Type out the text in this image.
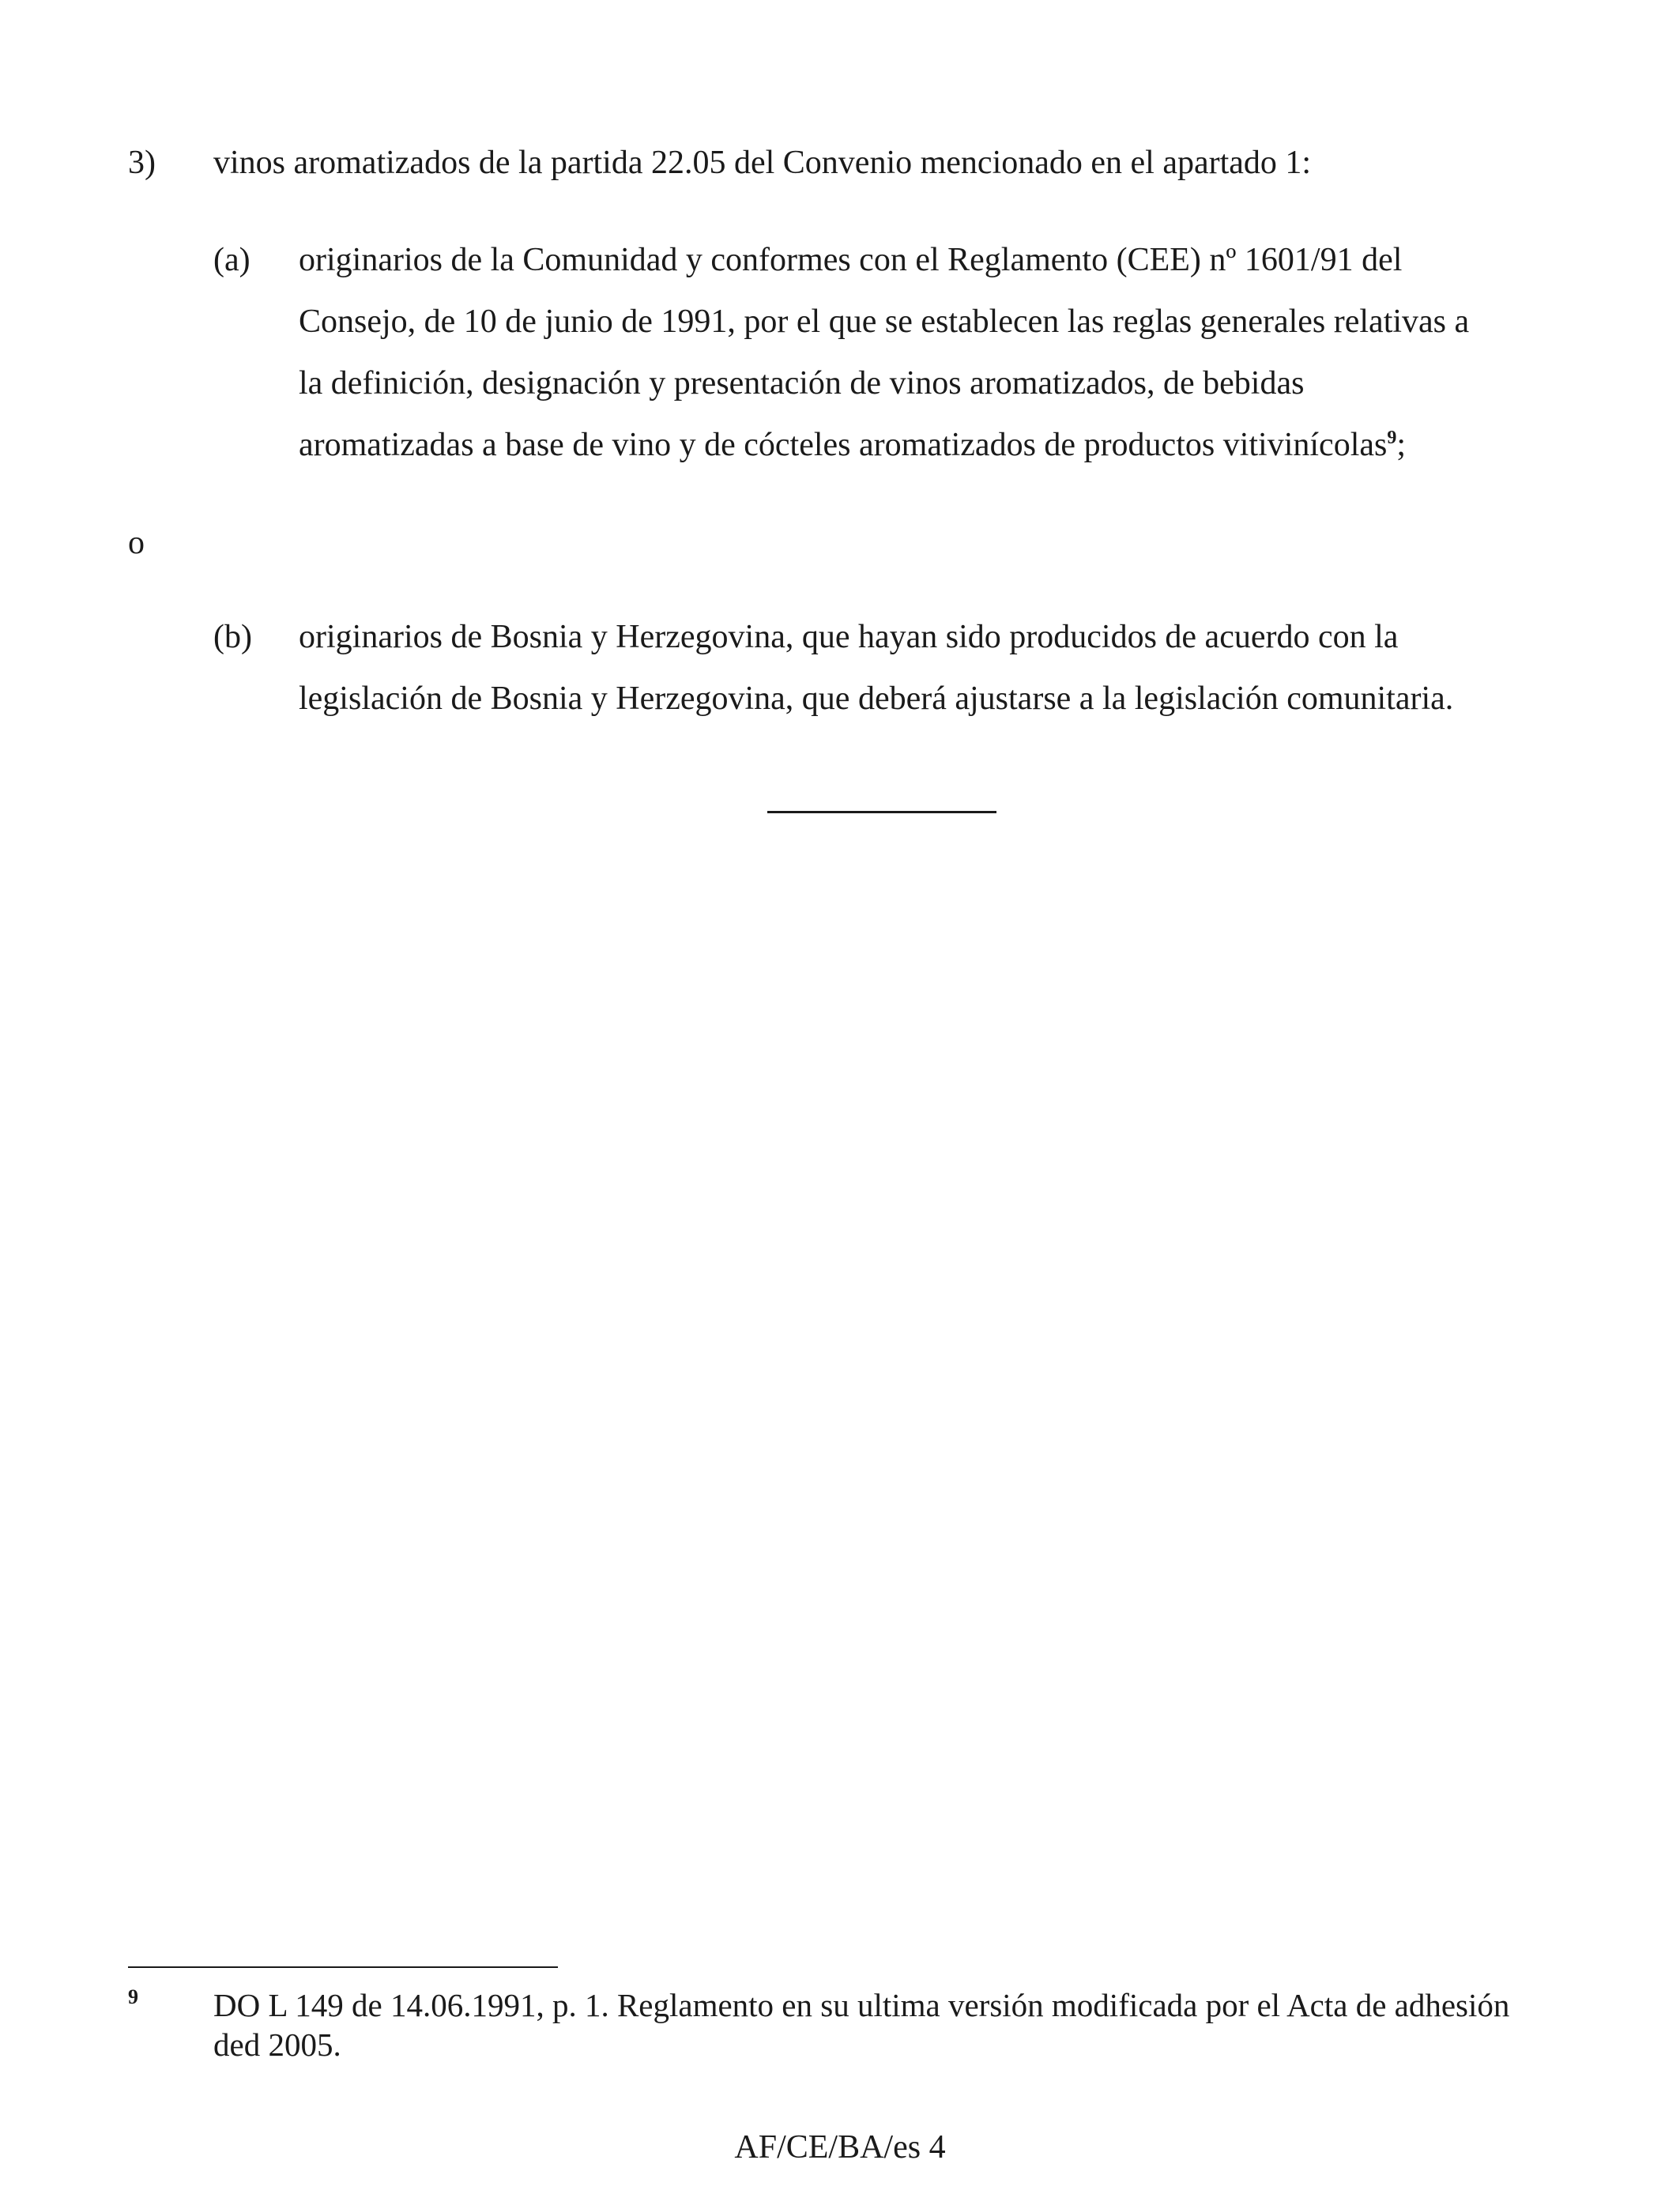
3) vinos aromatizados de la partida 22.05 del Convenio mencionado en el apartado 1:
(a) originarios de la Comunidad y conformes con el Reglamento (CEE) nº 1601/91 del
Consejo, de 10 de junio de 1991, por el que se establecen las reglas generales relativas a
la definición, designación y presentación de vinos aromatizados, de bebidas
aromatizadas a base de vino y de cócteles aromatizados de productos vitivinícolas$^9$;
o
(b) originarios de Bosnia y Herzegovina, que hayan sido producidos de acuerdo con la
legislación de Bosnia y Herzegovina, que deberá ajustarse a la legislación comunitaria.
9 DO L 149 de 14.06.1991, p. 1. Reglamento en su ultima versión modificada por el Acta de adhesión ded 2005.
AF/CE/BA/es 4
